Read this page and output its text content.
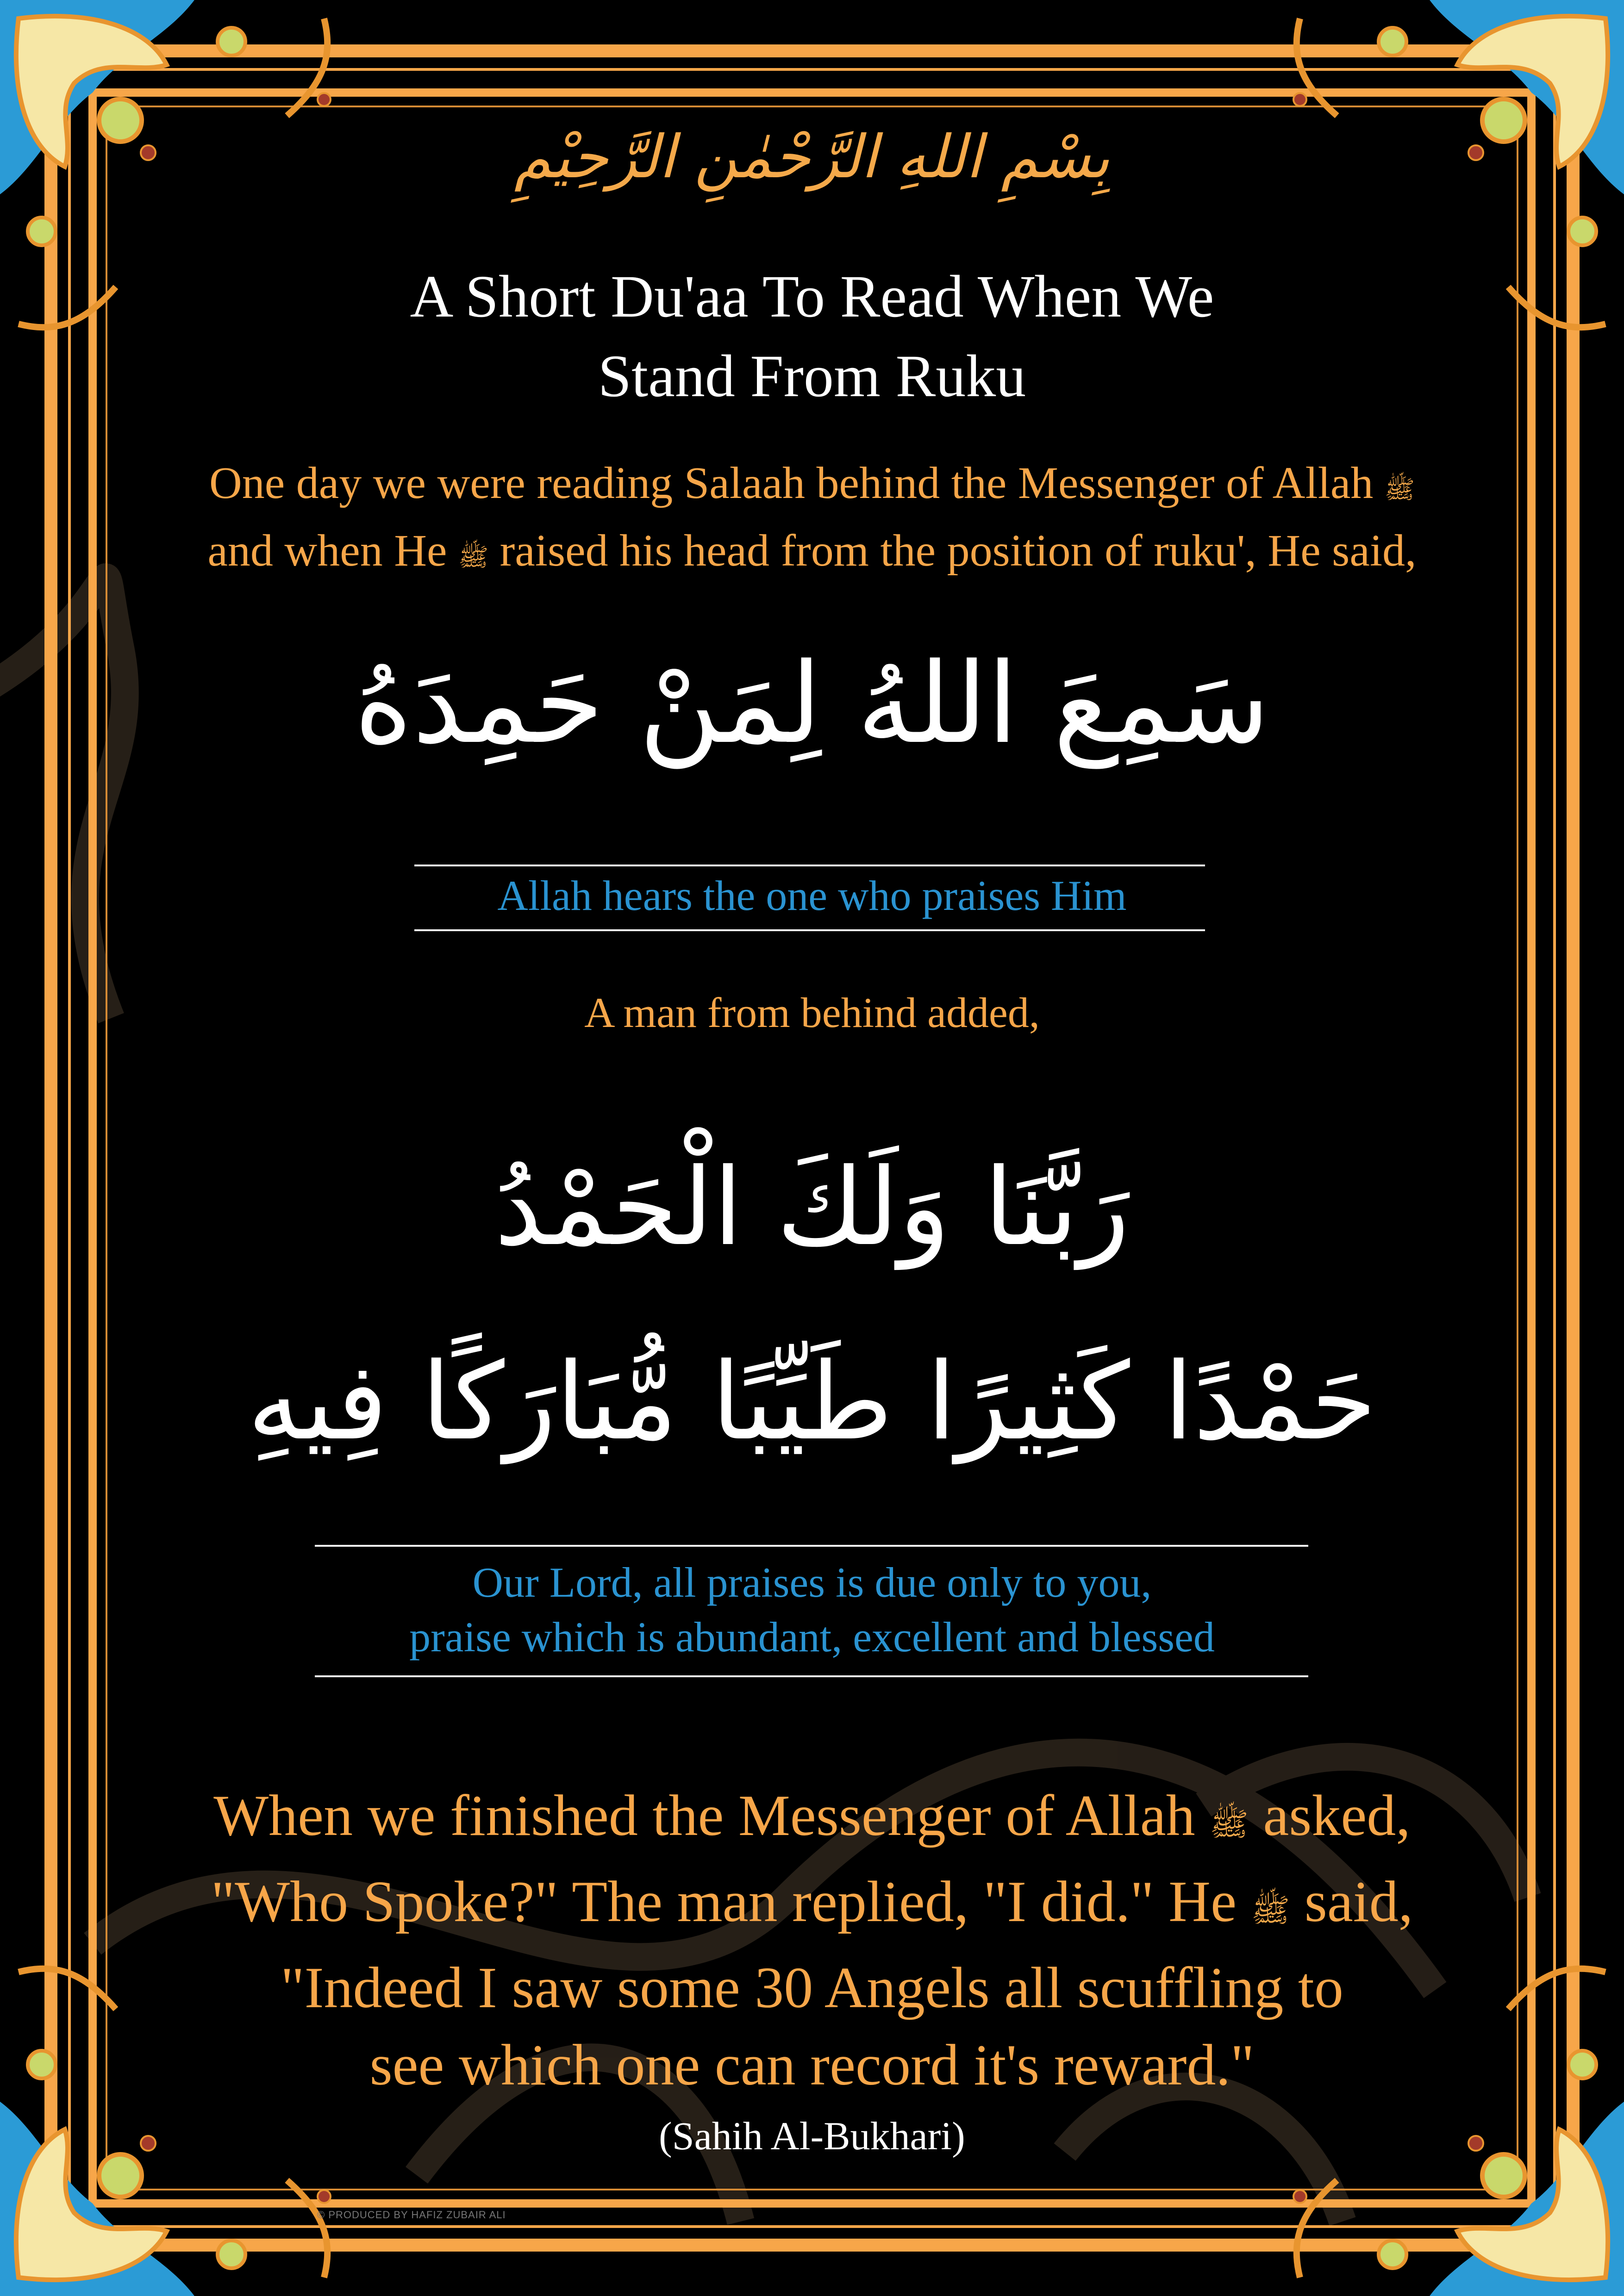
بِسْمِ اللهِ الرَّحْمٰنِ الرَّحِيْمِ
A Short Du'aa To Read When We
Stand From Ruku
One day we were reading Salaah behind the Messenger of Allah ﷺ
and when He ﷺ raised his head from the position of ruku', He said,
سَمِعَ اللهُ لِمَنْ حَمِدَهُ
Allah hears the one who praises Him
A man from behind added,
رَبَّنَا وَلَكَ الْحَمْدُ
حَمْدًا كَثِيرًا طَيِّبًا مُّبَارَكًا فِيهِ
Our Lord, all praises is due only to you,
praise which is abundant, excellent and blessed
When we finished the Messenger of Allah ﷺ asked,
"Who Spoke?" The man replied, "I did." He ﷺ said,
"Indeed I saw some 30 Angels all scuffling to
see which one can record it's reward."
(Sahih Al-Bukhari)
© PRODUCED BY HAFIZ ZUBAIR ALI
